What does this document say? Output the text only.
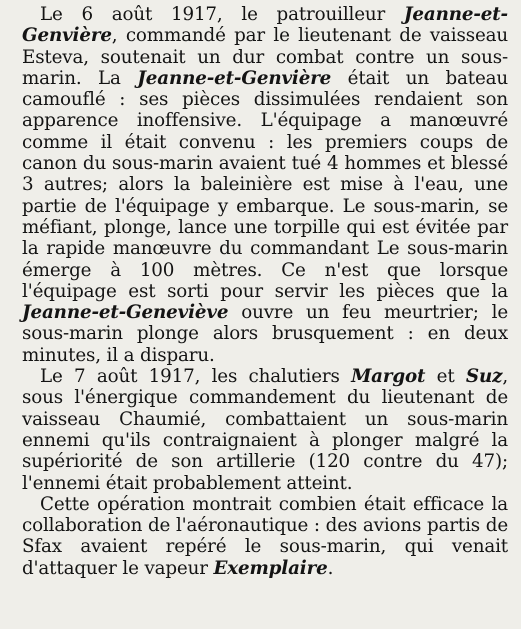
Le 6 août 1917, le patrouilleur Jeanne-et-Genvière, commandé par le lieutenant de vaisseau Esteva, soutenait un dur combat contre un sous-marin. La Jeanne-et-Genvière était un bateau camouflé : ses pièces dissimulées rendaient son apparence inoffensive. L'équipage a manœuvré comme il était convenu : les premiers coups de canon du sous-marin avaient tué 4 hommes et blessé 3 autres; alors la baleinière est mise à l'eau, une partie de l'équipage y embarque. Le sous-marin, se méfiant, plonge, lance une torpille qui est évitée par la rapide manœuvre du commandant Le sous-marin émerge à 100 mètres. Ce n'est que lorsque l'équipage est sorti pour servir les pièces que la Jeanne-et-Geneviève ouvre un feu meurtrier; le sous-marin plonge alors brusquement : en deux minutes, il a disparu.

Le 7 août 1917, les chalutiers Margot et Suz, sous l'énergique commandement du lieutenant de vaisseau Chaumié, combattaient un sous-marin ennemi qu'ils contraignaient à plonger malgré la supériorité de son artillerie (120 contre du 47); l'ennemi était probablement atteint.

Cette opération montrait combien était efficace la collaboration de l'aéronautique : des avions partis de Sfax avaient repéré le sous-marin, qui venait d'attaquer le vapeur Exemplaire.
